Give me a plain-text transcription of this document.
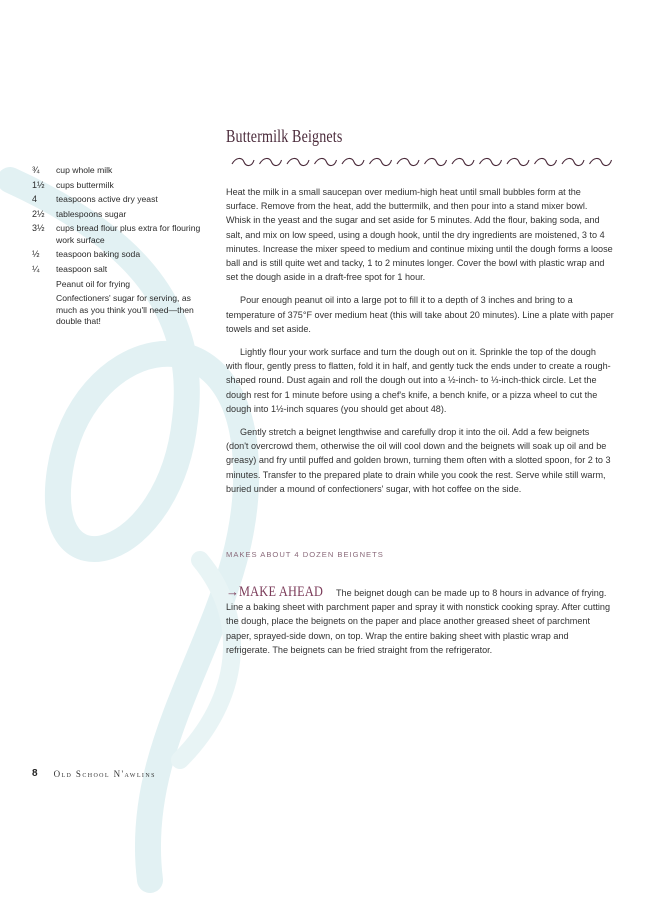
Buttermilk Beignets
¾	cup whole milk
1½	cups buttermilk
4	teaspoons active dry yeast
2½	tablespoons sugar
3½	cups bread flour plus extra for flouring work surface
½	teaspoon baking soda
¼	teaspoon salt
Peanut oil for frying
Confectioners' sugar for serving, as much as you think you'll need—then double that!

Heat the milk in a small saucepan over medium-high heat until small bubbles form at the surface. Remove from the heat, add the buttermilk, and then pour into a stand mixer bowl. Whisk in the yeast and the sugar and set aside for 5 minutes. Add the flour, baking soda, and salt, and mix on low speed, using a dough hook, until the dry ingredients are moistened, 3 to 4 minutes. Increase the mixer speed to medium and continue mixing until the dough forms a loose ball and is still quite wet and tacky, 1 to 2 minutes longer. Cover the bowl with plastic wrap and set the dough aside in a draft-free spot for 1 hour.

Pour enough peanut oil into a large pot to fill it to a depth of 3 inches and bring to a temperature of 375°F over medium heat (this will take about 20 minutes). Line a plate with paper towels and set aside.

Lightly flour your work surface and turn the dough out on it. Sprinkle the top of the dough with flour, gently press to flatten, fold it in half, and gently tuck the ends under to create a rough-shaped round. Dust again and roll the dough out into a ½-inch- to ⅓-inch-thick circle. Let the dough rest for 1 minute before using a chef's knife, a bench knife, or a pizza wheel to cut the dough into 1½-inch squares (you should get about 48).

Gently stretch a beignet lengthwise and carefully drop it into the oil. Add a few beignets (don't overcrowd them, otherwise the oil will cool down and the beignets will soak up oil and be greasy) and fry until puffed and golden brown, turning them often with a slotted spoon, for 2 to 3 minutes. Transfer to the prepared plate to drain while you cook the rest. Serve while still warm, buried under a mound of confectioners' sugar, with hot coffee on the side.

MAKES ABOUT 4 DOZEN BEIGNETS
→MAKE AHEAD The beignet dough can be made up to 8 hours in advance of frying. Line a baking sheet with parchment paper and spray it with nonstick cooking spray. After cutting the dough, place the beignets on the paper and place another greased sheet of parchment paper, sprayed-side down, on top. Wrap the entire baking sheet with plastic wrap and refrigerate. The beignets can be fried straight from the refrigerator.
8 Old School N'awlins
